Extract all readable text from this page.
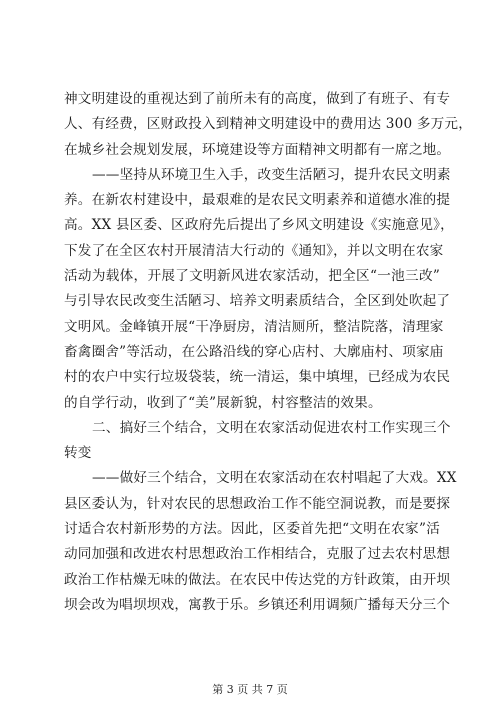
神文明建设的重视达到了前所未有的高度，做到了有班子、有专
人、有经费，区财政投入到精神文明建设中的费用达 300 多万元，
在城乡社会规划发展，环境建设等方面精神文明都有一席之地。
——坚持从环境卫生入手，改变生活陋习，提升农民文明素
养。在新农村建设中，最艰难的是农民文明素养和道德水准的提
高。XX 县区委、区政府先后提出了乡风文明建设《实施意见》，
下发了在全区农村开展清洁大行动的《通知》，并以文明在农家
活动为载体，开展了文明新风进农家活动，把全区“一池三改”
与引导农民改变生活陋习、培养文明素质结合，全区到处吹起了
文明风。金峰镇开展“干净厨房，清洁厕所，整洁院落，清理家
畜禽圈舍”等活动，在公路沿线的穿心店村、大廓庙村、项家庙
村的农户中实行垃圾袋装，统一清运，集中填埋，已经成为农民
的自学行动，收到了“美”展新貌，村容整洁的效果。
二、搞好三个结合，文明在农家活动促进农村工作实现三个
转变
——做好三个结合，文明在农家活动在农村唱起了大戏。XX
县区委认为，针对农民的思想政治工作不能空洞说教，而是要探
讨适合农村新形势的方法。因此，区委首先把“文明在农家”活
动同加强和改进农村思想政治工作相结合，克服了过去农村思想
政治工作枯燥无味的做法。在农民中传达党的方针政策，由开坝
坝会改为唱坝坝戏，寓教于乐。乡镇还利用调频广播每天分三个
第 3 页 共 7 页
